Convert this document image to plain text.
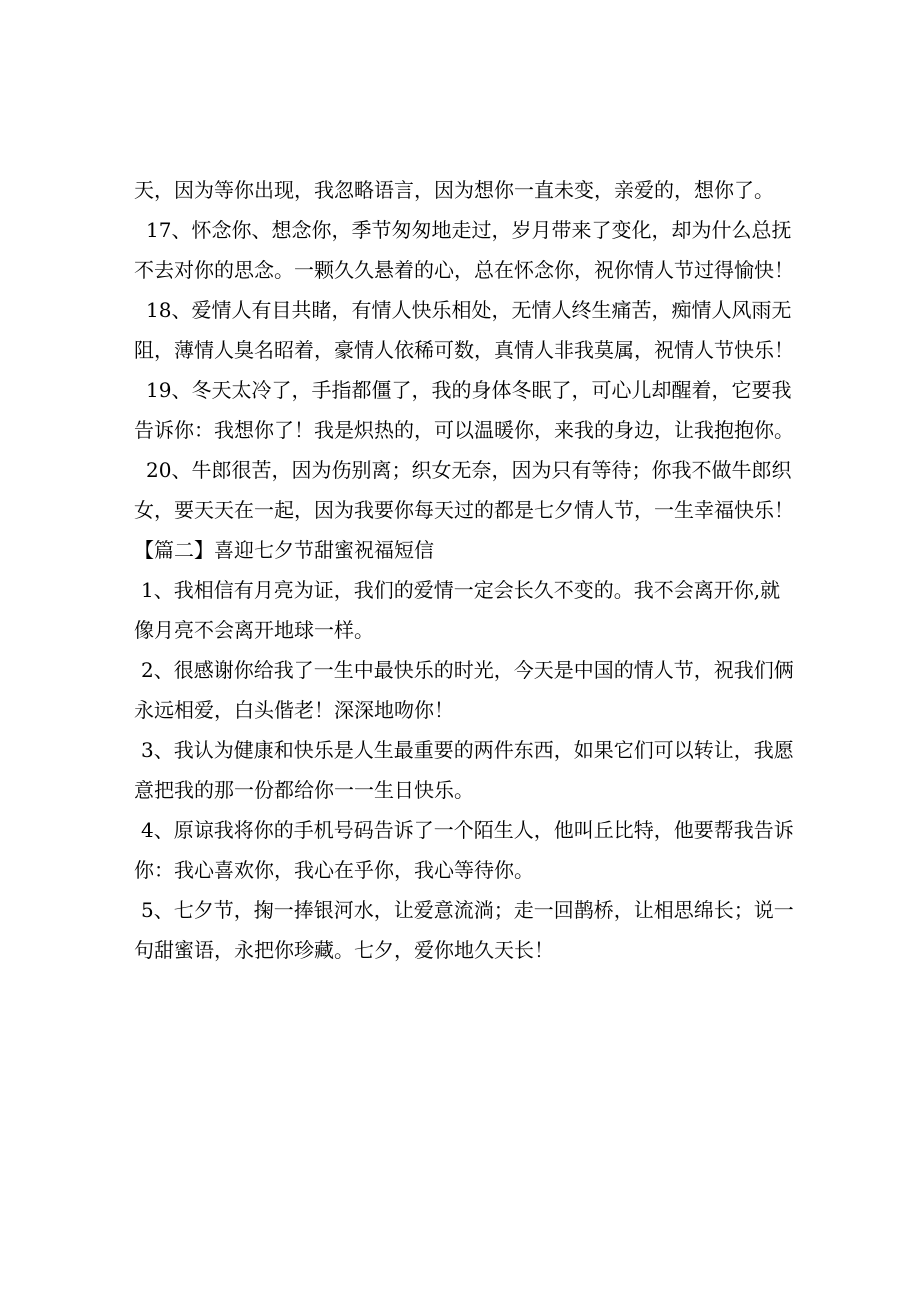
天，因为等你出现，我忽略语言，因为想你一直未变，亲爱的，想你了。
17、怀念你、想念你，季节匆匆地走过，岁月带来了变化，却为什么总抚
不去对你的思念。一颗久久悬着的心，总在怀念你，祝你情人节过得愉快！
18、爱情人有目共睹，有情人快乐相处，无情人终生痛苦，痴情人风雨无
阻，薄情人臭名昭着，豪情人依稀可数，真情人非我莫属，祝情人节快乐！
19、冬天太冷了，手指都僵了，我的身体冬眠了，可心儿却醒着，它要我
告诉你：我想你了！我是炽热的，可以温暖你，来我的身边，让我抱抱你。
20、牛郎很苦，因为伤别离；织女无奈，因为只有等待；你我不做牛郎织
女，要天天在一起，因为我要你每天过的都是七夕情人节，一生幸福快乐！
【篇二】喜迎七夕节甜蜜祝福短信
1、我相信有月亮为证，我们的爱情一定会长久不变的。我不会离开你,就
像月亮不会离开地球一样。
2、很感谢你给我了一生中最快乐的时光，今天是中国的情人节，祝我们俩
永远相爱，白头偕老！深深地吻你！
3、我认为健康和快乐是人生最重要的两件东西，如果它们可以转让，我愿
意把我的那一份都给你一一生日快乐。
4、原谅我将你的手机号码告诉了一个陌生人，他叫丘比特，他要帮我告诉
你：我心喜欢你，我心在乎你，我心等待你。
5、七夕节，掬一捧银河水，让爱意流淌；走一回鹊桥，让相思绵长；说一
句甜蜜语，永把你珍藏。七夕，爱你地久天长！
